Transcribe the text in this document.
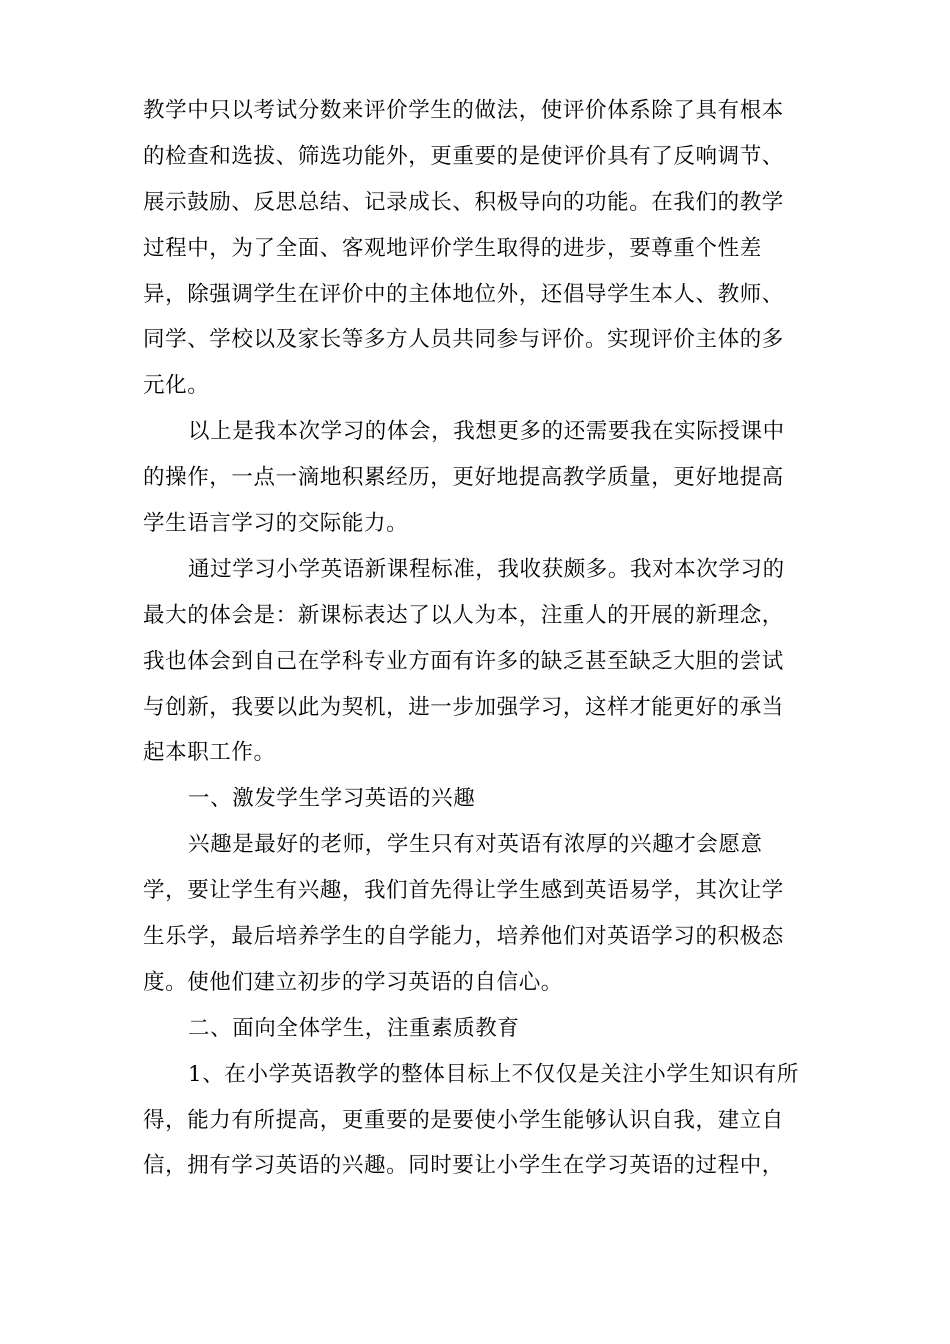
教学中只以考试分数来评价学生的做法，使评价体系除了具有根本
的检查和选拔、筛选功能外，更重要的是使评价具有了反响调节、
展示鼓励、反思总结、记录成长、积极导向的功能。在我们的教学
过程中，为了全面、客观地评价学生取得的进步，要尊重个性差
异，除强调学生在评价中的主体地位外，还倡导学生本人、教师、
同学、学校以及家长等多方人员共同参与评价。实现评价主体的多
元化。
以上是我本次学习的体会，我想更多的还需要我在实际授课中
的操作，一点一滴地积累经历，更好地提高教学质量，更好地提高
学生语言学习的交际能力。
通过学习小学英语新课程标准，我收获颇多。我对本次学习的
最大的体会是：新课标表达了以人为本，注重人的开展的新理念，
我也体会到自己在学科专业方面有许多的缺乏甚至缺乏大胆的尝试
与创新，我要以此为契机，进一步加强学习，这样才能更好的承当
起本职工作。
一、激发学生学习英语的兴趣
兴趣是最好的老师，学生只有对英语有浓厚的兴趣才会愿意
学，要让学生有兴趣，我们首先得让学生感到英语易学，其次让学
生乐学，最后培养学生的自学能力，培养他们对英语学习的积极态
度。使他们建立初步的学习英语的自信心。
二、面向全体学生，注重素质教育
1、在小学英语教学的整体目标上不仅仅是关注小学生知识有所
得，能力有所提高，更重要的是要使小学生能够认识自我，建立自
信，拥有学习英语的兴趣。同时要让小学生在学习英语的过程中，
